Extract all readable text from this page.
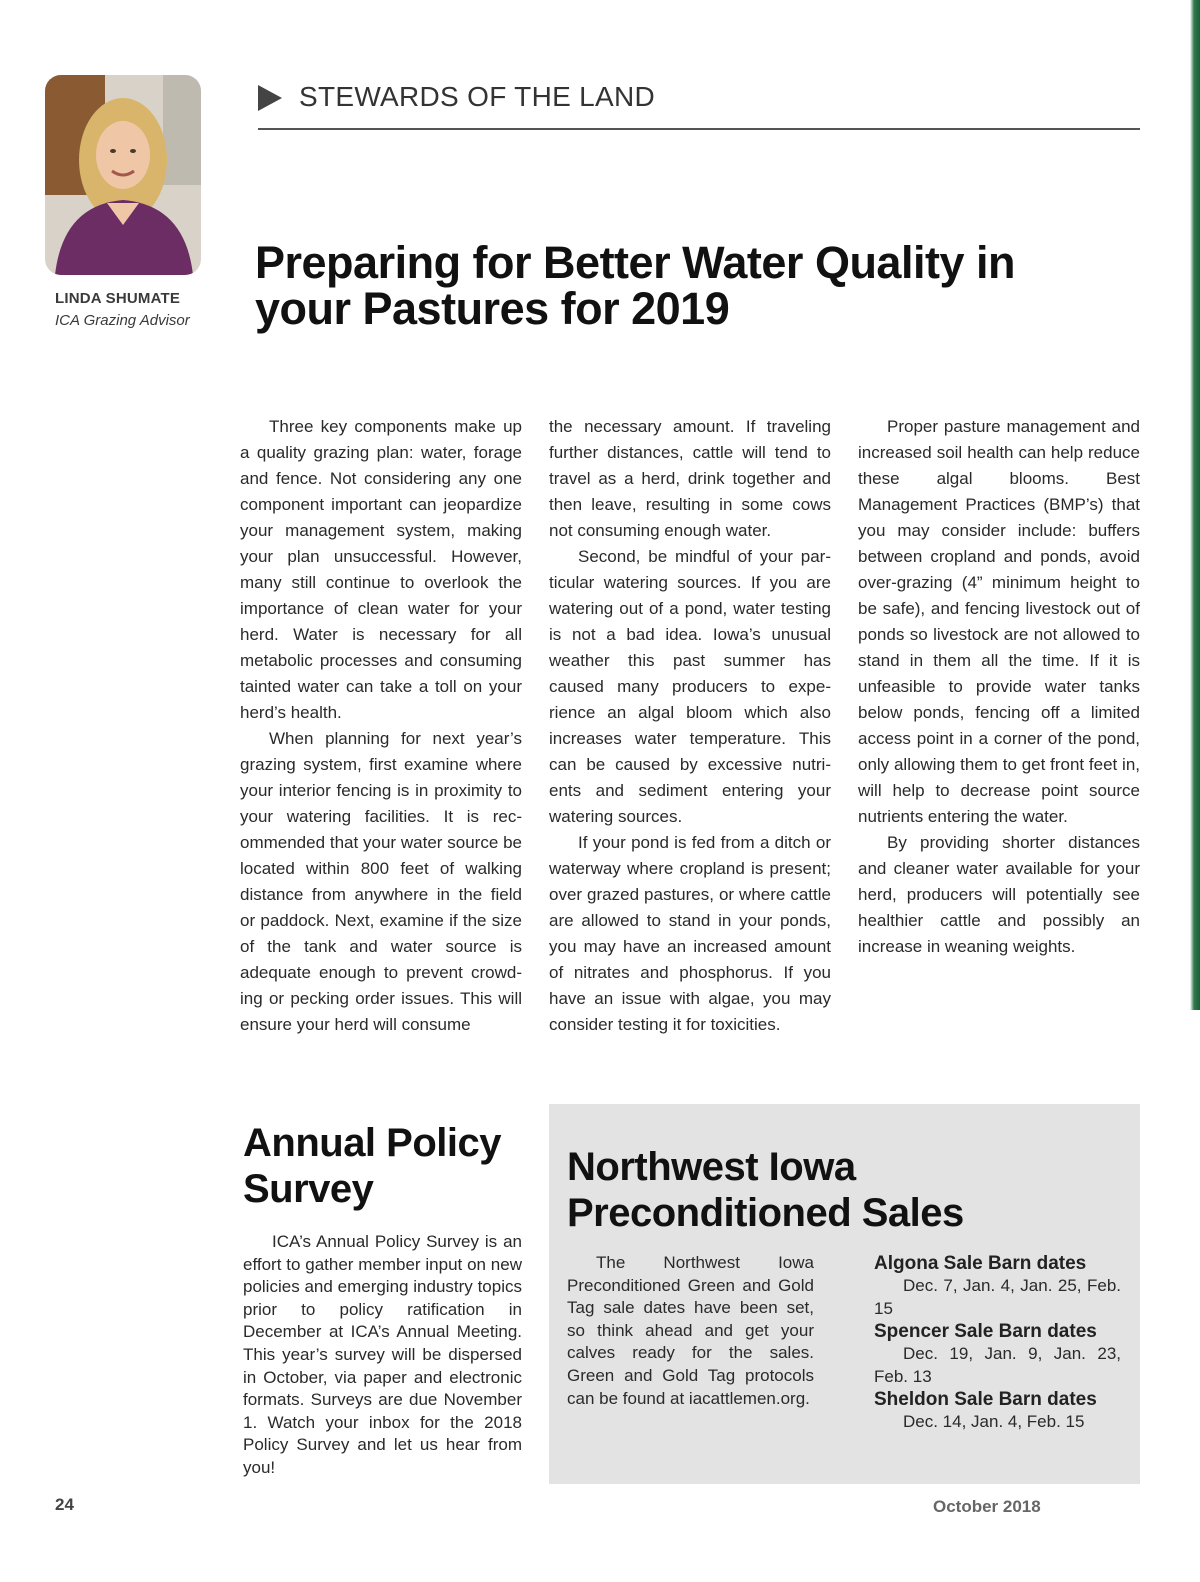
LINDA SHUMATE
ICA Grazing Advisor
STEWARDS OF THE LAND
Preparing for Better Water Quality in
your Pastures for 2019

Three key components make up a quality grazing plan: water, forage and fence. Not considering any one component important can jeopardize your management system, making your plan unsuccessful. However, many still continue to overlook the importance of clean water for your herd. Water is necessary for all metabolic processes and consuming tainted water can take a toll on your herd’s health.

When planning for next year’s grazing system, first examine where your interior fencing is in proximity to your watering facilities. It is recommended that your water source be located within 800 feet of walking distance from anywhere in the field or paddock. Next, examine if the size of the tank and water source is adequate enough to prevent crowding or pecking order issues. This will ensure your herd will consume

the necessary amount. If traveling further distances, cattle will tend to travel as a herd, drink together and then leave, resulting in some cows not consuming enough water.

Second, be mindful of your particular watering sources. If you are watering out of a pond, water testing is not a bad idea. Iowa’s unusual weather this past summer has caused many producers to experience an algal bloom which also increases water temperature. This can be caused by excessive nutrients and sediment entering your watering sources.

If your pond is fed from a ditch or waterway where cropland is present; over grazed pastures, or where cattle are allowed to stand in your ponds, you may have an increased amount of nitrates and phosphorus. If you have an issue with algae, you may consider testing it for toxicities.

Proper pasture management and increased soil health can help reduce these algal blooms. Best Management Practices (BMP’s) that you may consider include: buffers between cropland and ponds, avoid over-grazing (4” minimum height to be safe), and fencing livestock out of ponds so livestock are not allowed to stand in them all the time. If it is unfeasible to provide water tanks below ponds, fencing off a limited access point in a corner of the pond, only allowing them to get front feet in, will help to decrease point source nutrients entering the water.

By providing shorter distances and cleaner water available for your herd, producers will potentially see healthier cattle and possibly an increase in weaning weights.

Annual Policy
Survey

ICA’s Annual Policy Survey is an effort to gather member input on new policies and emerging industry topics prior to policy ratification in December at ICA’s Annual Meeting. This year’s survey will be dispersed in October, via paper and electronic formats. Surveys are due November 1. Watch your inbox for the 2018 Policy Survey and let us hear from you!

Northwest Iowa
Preconditioned Sales

The Northwest Iowa Preconditioned Green and Gold Tag sale dates have been set, so think ahead and get your calves ready for the sales. Green and Gold Tag protocols can be found at iacattlemen.org.

Algona Sale Barn dates

Dec. 7, Jan. 4, Jan. 25, Feb. 15

Spencer Sale Barn dates

Dec. 19, Jan. 9, Jan. 23, Feb. 13

Sheldon Sale Barn dates

Dec. 14, Jan. 4, Feb. 15

24	October 2018
